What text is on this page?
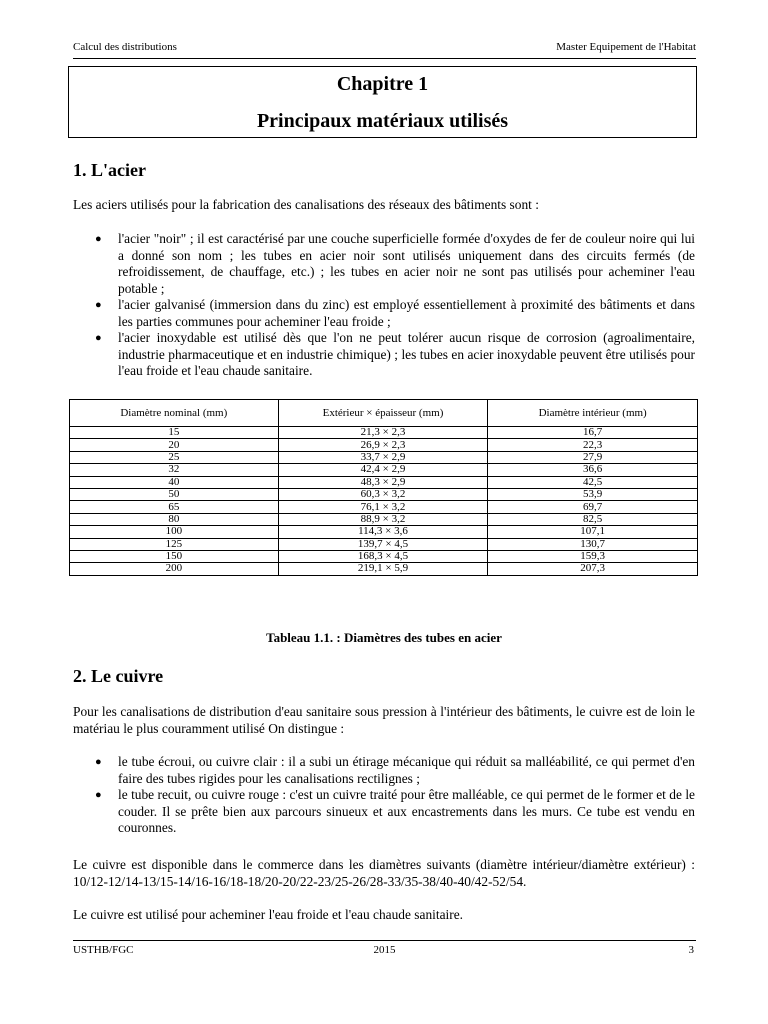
Calcul des distributions	Master Equipement de l'Habitat
Chapitre 1
Principaux matériaux utilisés
1. L'acier

Les aciers utilisés pour la fabrication des canalisations des réseaux des bâtiments sont :

● l'acier "noir" ; il est caractérisé par une couche superficielle formée d'oxydes de fer de couleur noire qui lui a donné son nom ; les tubes en acier noir sont utilisés uniquement dans des circuits fermés (de refroidissement, de chauffage, etc.) ; les tubes en acier noir ne sont pas utilisés pour acheminer l'eau potable ;
● l'acier galvanisé (immersion dans du zinc) est employé essentiellement à proximité des bâtiments et dans les parties communes pour acheminer l'eau froide ;
● l'acier inoxydable est utilisé dès que l'on ne peut tolérer aucun risque de corrosion (agroalimentaire, industrie pharmaceutique et en industrie chimique) ; les tubes en acier inoxydable peuvent être utilisés pour l'eau froide et l'eau chaude sanitaire.
Diamètre nominal (mm)	Extérieur × épaisseur (mm)	Diamètre intérieur (mm)
15	21,3 × 2,3	16,7
20	26,9 × 2,3	22,3
25	33,7 × 2,9	27,9
32	42,4 × 2,9	36,6
40	48,3 × 2,9	42,5
50	60,3 × 3,2	53,9
65	76,1 × 3,2	69,7
80	88,9 × 3,2	82,5
100	114,3 × 3,6	107,1
125	139,7 × 4,5	130,7
150	168,3 × 4,5	159,3
200	219,1 × 5,9	207,3
Tableau 1.1. : Diamètres des tubes en acier
2. Le cuivre

Pour les canalisations de distribution d'eau sanitaire sous pression à l'intérieur des bâtiments, le cuivre est de loin le matériau le plus couramment utilisé On distingue :

● le tube écroui, ou cuivre clair : il a subi un étirage mécanique qui réduit sa malléabilité, ce qui permet d'en faire des tubes rigides pour les canalisations rectilignes ;
● le tube recuit, ou cuivre rouge : c'est un cuivre traité pour être malléable, ce qui permet de le former et de le couder. Il se prête bien aux parcours sinueux et aux encastrements dans les murs. Ce tube est vendu en couronnes.

Le cuivre est disponible dans le commerce dans les diamètres suivants (diamètre intérieur/diamètre extérieur) : 10/12-12/14-13/15-14/16-16/18-18/20-20/22-23/25-26/28-33/35-38/40-40/42-52/54.

Le cuivre est utilisé pour acheminer l'eau froide et l'eau chaude sanitaire.

USTHB/FGC	2015	3
